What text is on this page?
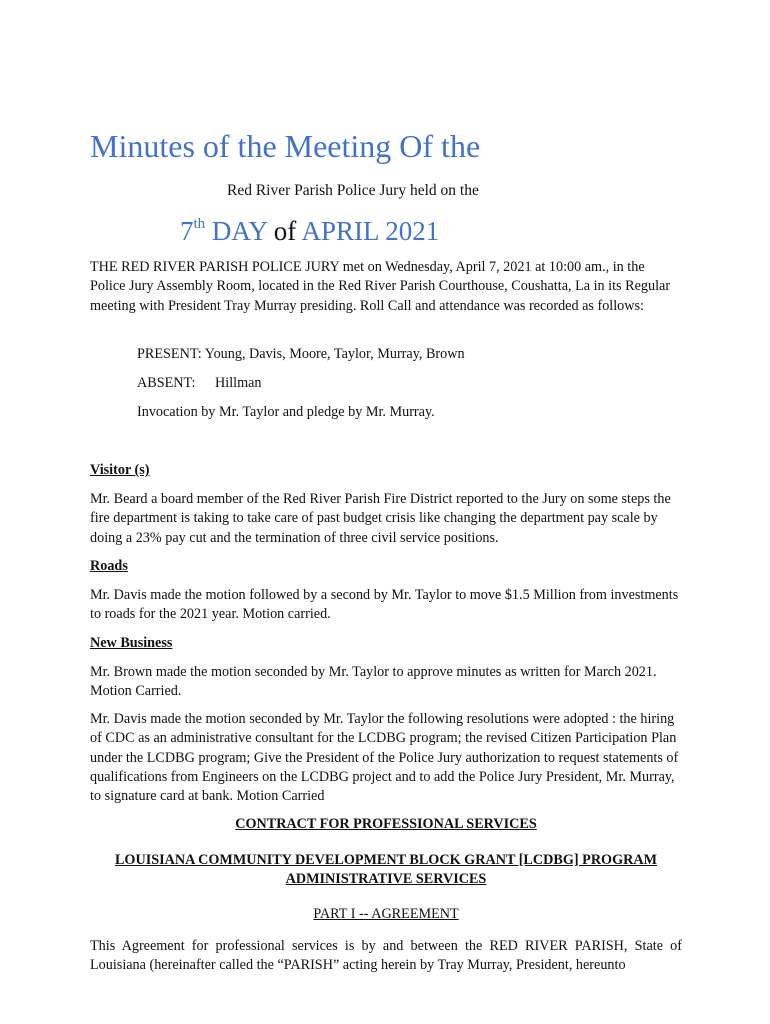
Minutes of the Meeting Of the
Red River Parish Police Jury held on the
7th DAY of APRIL 2021

THE RED RIVER PARISH POLICE JURY met on Wednesday, April 7, 2021 at 10:00 am., in the Police Jury Assembly Room, located in the Red River Parish Courthouse, Coushatta, La in its Regular meeting with President Tray Murray presiding. Roll Call and attendance was recorded as follows:

PRESENT: Young, Davis, Moore, Taylor, Murray, Brown

ABSENT: Hillman

Invocation by Mr. Taylor and pledge by Mr. Murray.

Visitor (s)

Mr. Beard a board member of the Red River Parish Fire District reported to the Jury on some steps the fire department is taking to take care of past budget crisis like changing the department pay scale by doing a 23% pay cut and the termination of three civil service positions.

Roads

Mr. Davis made the motion followed by a second by Mr. Taylor to move $1.5 Million from investments to roads for the 2021 year. Motion carried.

New Business

Mr. Brown made the motion seconded by Mr. Taylor to approve minutes as written for March 2021. Motion Carried.

Mr. Davis made the motion seconded by Mr. Taylor the following resolutions were adopted : the hiring of CDC as an administrative consultant for the LCDBG program; the revised Citizen Participation Plan under the LCDBG program; Give the President of the Police Jury authorization to request statements of qualifications from Engineers on the LCDBG project and to add the Police Jury President, Mr. Murray, to signature card at bank. Motion Carried

CONTRACT FOR PROFESSIONAL SERVICES

LOUISIANA COMMUNITY DEVELOPMENT BLOCK GRANT [LCDBG] PROGRAM ADMINISTRATIVE SERVICES

PART I -- AGREEMENT

This Agreement for professional services is by and between the RED RIVER PARISH, State of Louisiana (hereinafter called the “PARISH” acting herein by Tray Murray, President, hereunto
